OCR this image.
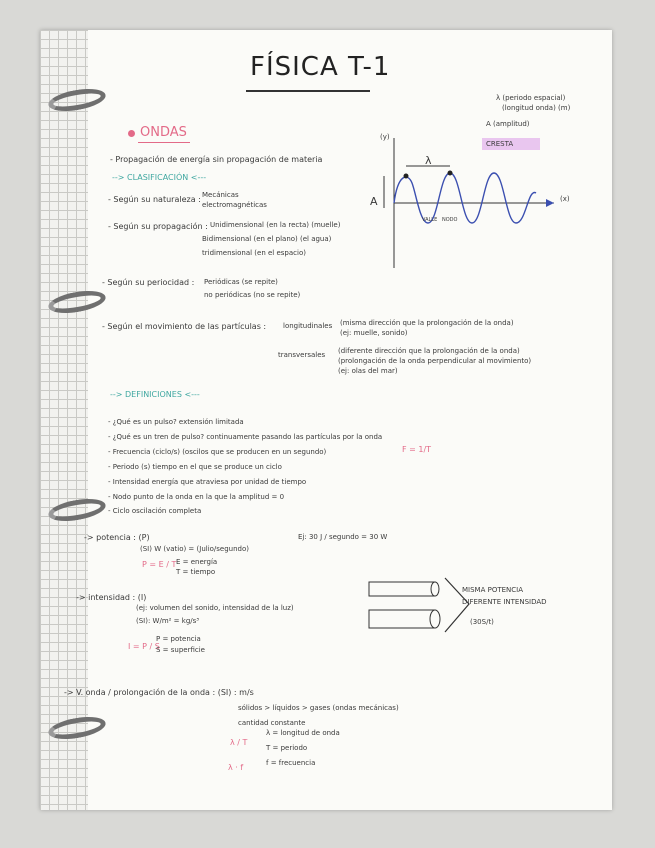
FÍSICA T-1
ONDAS
- Propagación de energía sin propagación de materia
--> CLASIFICACIÓN <---
- Según su naturaleza : Mecánicas
electromagnéticas
- Según su propagación : Unidimensional (en la recta) (muelle)
Bidimensional (en el plano) (el agua)
tridimensional (en el espacio)
- Según su periocidad : Periódicas (se repite)
no periódicas (no se repite)
- Según el movimiento de las partículas : longitudinales (misma dirección que la prolongación de la onda)
(ej: muelle, sonido)
transversales (diferente dirección que la prolongación de la onda)
(prolongación de la onda perpendicular al movimiento)
(ej: olas del mar)
(y)
(x)
A
λ
VALLE NODO
λ (periodo espacial)
(longitud onda) (m)
A (amplitud)
CRESTA
--> DEFINICIONES <---
- ¿Qué es un pulso? extensión limitada
- ¿Qué es un tren de pulso? continuamente pasando las partículas por la onda
- Frecuencia (ciclo/s) (oscilos que se producen en un segundo)	F = 1/T
- Periodo (s) tiempo en el que se produce un ciclo
- Intensidad energía que atraviesa por unidad de tiempo
- Nodo punto de la onda en la que la amplitud = 0
- Ciclo oscilación completa
-> potencia : (P)
(SI) W (vatio) = (Julio/segundo)
Ej: 30 J / segundo = 30 W
P = E / T E = energía
T = tiempo
-> intensidad : (I)
(ej: volumen del sonido, intensidad de la luz)
(SI): W/m² = kg/s³
I = P / S
P = potencia
S = superficie
MISMA POTENCIA
DIFERENTE INTENSIDAD
(30S/t)
-> V. onda / prolongación de la onda : (SI) : m/s
sólidos > líquidos > gases (ondas mecánicas)
cantidad constante
λ / T
λ · f
λ = longitud de onda
T = periodo
f = frecuencia
